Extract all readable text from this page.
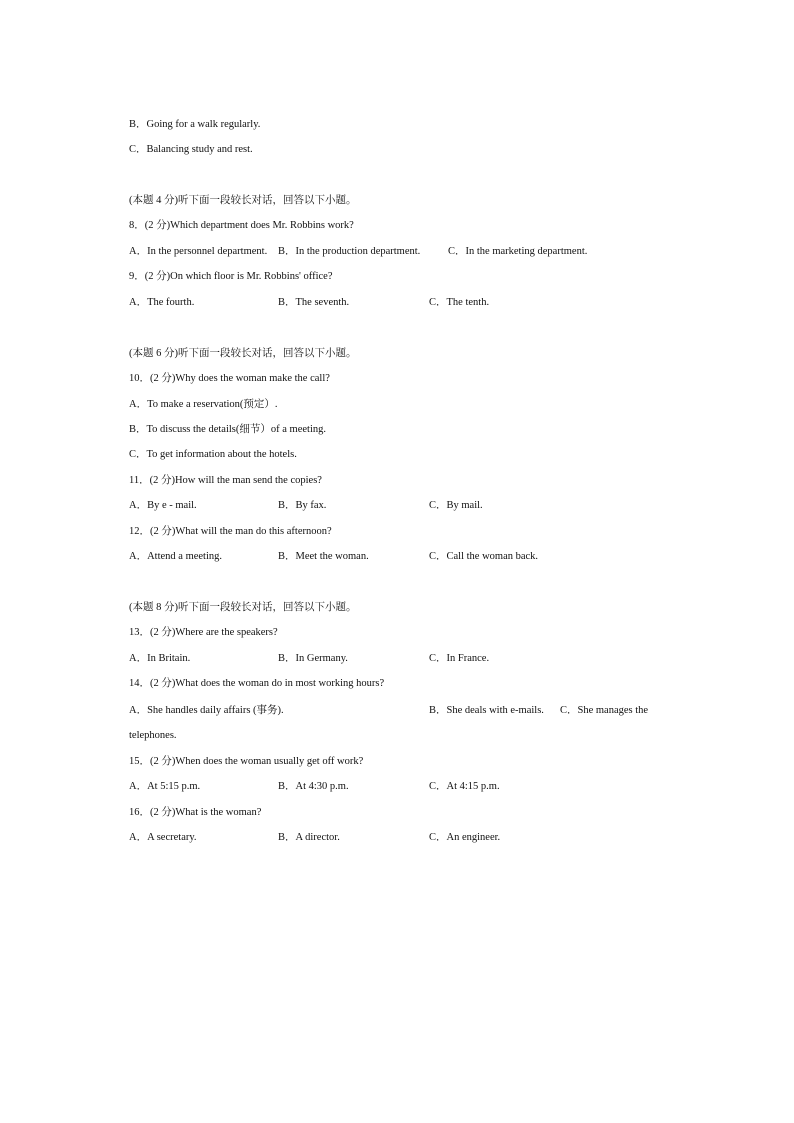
B．Going for a walk regularly.
C．Balancing study and rest.
(本题 4 分)听下面一段较长对话，回答以下小题。
8．(2 分)Which department does Mr. Robbins work?
A．In the personnel department. B．In the production department.	C．In the marketing department.
9．(2 分)On which floor is Mr. Robbins' office?
A．The fourth.	B．The seventh.	C．The tenth.
(本题 6 分)听下面一段较长对话，回答以下小题。
10．(2 分)Why does the woman make the call?
A．To make a reservation(预定）.
B．To discuss the details(细节）of a meeting.
C．To get information about the hotels.
11．(2 分)How will the man send the copies?
A．By e - mail.	B．By fax.	C．By mail.
12．(2 分)What will the man do this afternoon?
A．Attend a meeting.	B．Meet the woman.	C．Call the woman back.
(本题 8 分)听下面一段较长对话，回答以下小题。
13．(2 分)Where are the speakers?
A．In Britain.	B．In Germany.	C．In France.
14．(2 分)What does the woman do in most working hours?
A．She handles daily affairs (事务).	B．She deals with e-mails. C．She manages the
telephones.
15．(2 分)When does the woman usually get off work?
A．At 5:15 p.m.	B．At 4:30 p.m.	C．At 4:15 p.m.
16．(2 分)What is the woman?
A．A secretary.	B．A director.	C．An engineer.
